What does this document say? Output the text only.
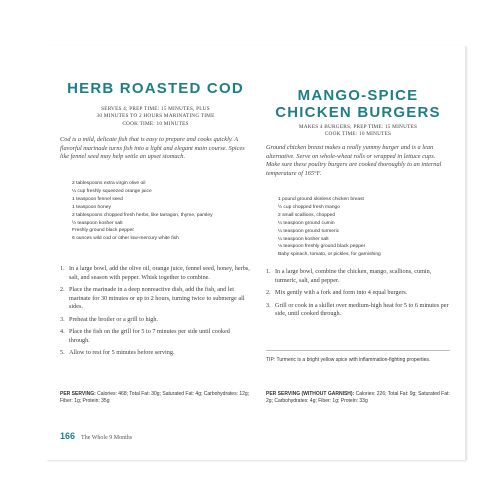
HERB ROASTED COD
SERVES 4; PREP TIME: 15 MINUTES, PLUS
30 MINUTES TO 2 HOURS MARINATING TIME
COOK TIME: 10 MINUTES
Cod is a mild, delicate fish that is easy to prepare and cooks quickly. A flavorful marinade turns fish into a light and elegant main course. Spices like fennel seed may help settle an upset stomach.
2 tablespoons extra virgin olive oil
¼ cup freshly squeezed orange juice
1 teaspoon fennel seed
1 teaspoon honey
2 tablespoons chopped fresh herbs, like tarragon, thyme, parsley
½ teaspoon kosher salt
Freshly ground black pepper
6 ounces wild cod or other low-mercury white fish
1. In a large bowl, add the olive oil, orange juice, fennel seed, honey, herbs, salt, and season with pepper. Whisk together to combine.
2. Place the marinade in a deep nonreactive dish, add the fish, and let marinate for 30 minutes or up to 2 hours, turning twice to submerge all sides.
3. Preheat the broiler or a grill to high.
4. Place the fish on the grill for 5 to 7 minutes per side until cooked through.
5. Allow to rest for 5 minutes before serving.
PER SERVING: Calories: 468; Total Fat: 30g; Saturated Fat: 4g; Carbohydrates: 12g; Fiber: 1g; Protein: 35g
MANGO-SPICE
CHICKEN BURGERS
MAKES 4 BURGERS; PREP TIME: 15 MINUTES
COOK TIME: 10 MINUTES
Ground chicken breast makes a really yummy burger and is a lean alternative. Serve on whole-wheat rolls or wrapped in lettuce cups. Make sure these poultry burgers are cooked thoroughly to an internal temperature of 165°F.
1 pound ground skinless chicken breast
½ cup chopped fresh mango
2 small scallions, chopped
¼ teaspoon ground cumin
¼ teaspoon ground turmeric
¼ teaspoon kosher salt
⅛ teaspoon freshly ground black pepper
Baby spinach, tomato, or pickles, for garnishing
1. In a large bowl, combine the chicken, mango, scallions, cumin, turmeric, salt, and pepper.
2. Mix gently with a fork and form into 4 equal burgers.
3. Grill or cook in a skillet over medium-high heat for 5 to 6 minutes per side, until cooked through.
TIP: Turmeric is a bright yellow spice with inflammation-fighting properties.
PER SERVING (WITHOUT GARNISH): Calories: 226; Total Fat: 9g; Saturated Fat: 2g; Carbohydrates: 4g; Fiber: 1g; Protein: 33g
166 The Whole 9 Months
